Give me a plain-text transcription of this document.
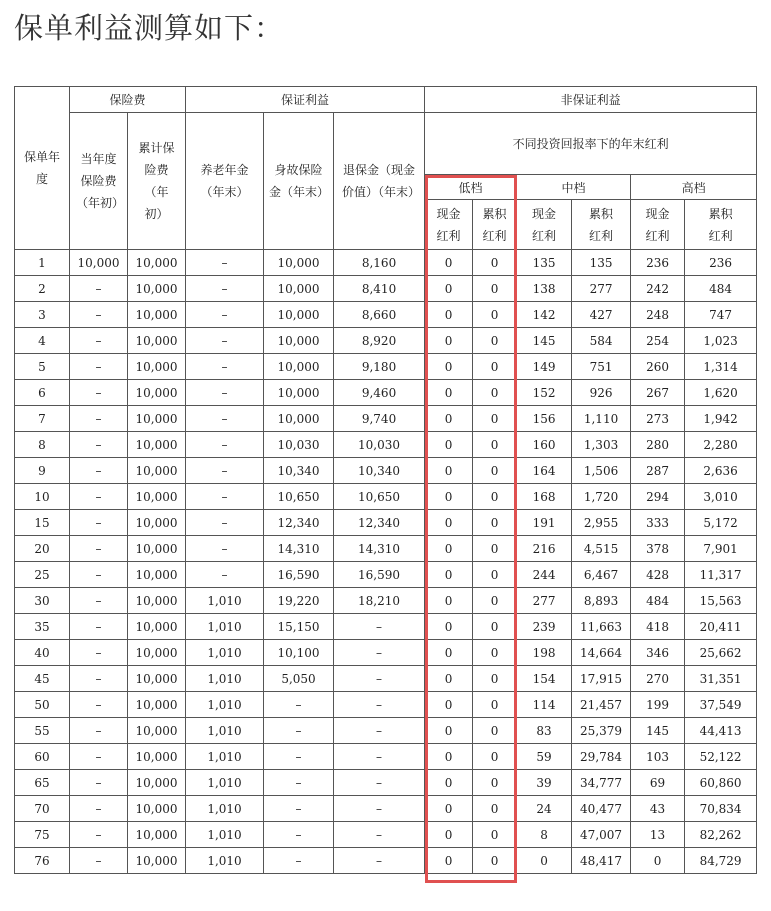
保单利益测算如下：
保单年度	保险费		保证利益			非保证利益					
	当年度保险费（年初）	累计保险费（年初）	养老年金（年末）	身故保险金（年末）	退保金（现金价值）（年末）	不同投资回报率下的年末红利					
						低档		中档		高档	
						现金红利	累积红利	现金红利	累积红利	现金红利	累积红利
1	10,000	10,000	–	10,000	8,160	0	0	135	135	236	236
2	–	10,000	–	10,000	8,410	0	0	138	277	242	484
3	–	10,000	–	10,000	8,660	0	0	142	427	248	747
4	–	10,000	–	10,000	8,920	0	0	145	584	254	1,023
5	–	10,000	–	10,000	9,180	0	0	149	751	260	1,314
6	–	10,000	–	10,000	9,460	0	0	152	926	267	1,620
7	–	10,000	–	10,000	9,740	0	0	156	1,110	273	1,942
8	–	10,000	–	10,030	10,030	0	0	160	1,303	280	2,280
9	–	10,000	–	10,340	10,340	0	0	164	1,506	287	2,636
10	–	10,000	–	10,650	10,650	0	0	168	1,720	294	3,010
15	–	10,000	–	12,340	12,340	0	0	191	2,955	333	5,172
20	–	10,000	–	14,310	14,310	0	0	216	4,515	378	7,901
25	–	10,000	–	16,590	16,590	0	0	244	6,467	428	11,317
30	–	10,000	1,010	19,220	18,210	0	0	277	8,893	484	15,563
35	–	10,000	1,010	15,150	–	0	0	239	11,663	418	20,411
40	–	10,000	1,010	10,100	–	0	0	198	14,664	346	25,662
45	–	10,000	1,010	5,050	–	0	0	154	17,915	270	31,351
50	–	10,000	1,010	–	–	0	0	114	21,457	199	37,549
55	–	10,000	1,010	–	–	0	0	83	25,379	145	44,413
60	–	10,000	1,010	–	–	0	0	59	29,784	103	52,122
65	–	10,000	1,010	–	–	0	0	39	34,777	69	60,860
70	–	10,000	1,010	–	–	0	0	24	40,477	43	70,834
75	–	10,000	1,010	–	–	0	0	8	47,007	13	82,262
76	–	10,000	1,010	–	–	0	0	0	48,417	0	84,729
